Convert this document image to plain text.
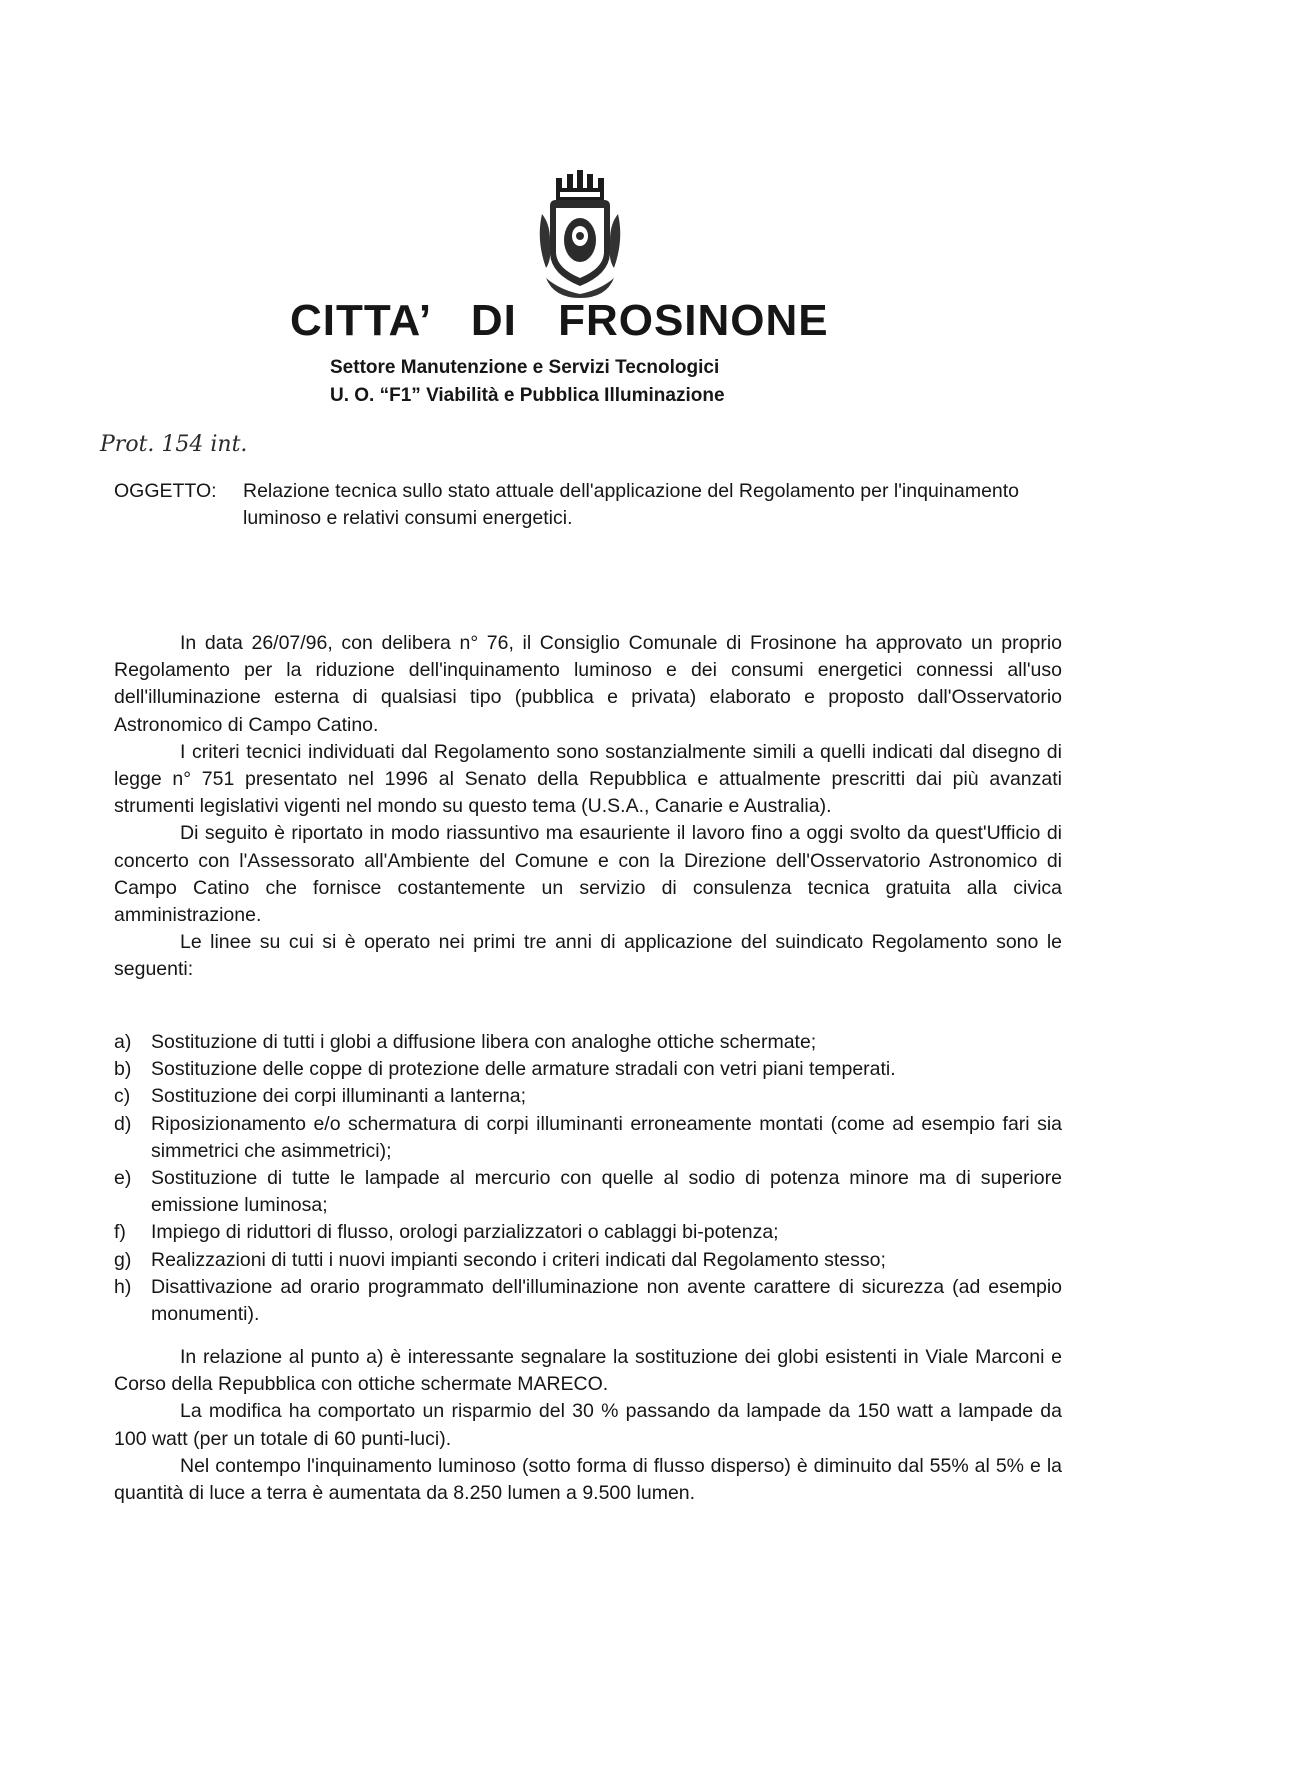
CITTA’ DI FROSINONE
Settore Manutenzione e Servizi Tecnologici
U. O. “F1” Viabilità e Pubblica Illuminazione
Prot. 154 int.
OGGETTO: Relazione tecnica sullo stato attuale dell'applicazione del Regolamento per l'inquinamento luminoso e relativi consumi energetici.

In data 26/07/96, con delibera n° 76, il Consiglio Comunale di Frosinone ha approvato un proprio Regolamento per la riduzione dell'inquinamento luminoso e dei consumi energetici connessi all'uso dell'illuminazione esterna di qualsiasi tipo (pubblica e privata) elaborato e proposto dall'Osservatorio Astronomico di Campo Catino.

I criteri tecnici individuati dal Regolamento sono sostanzialmente simili a quelli indicati dal disegno di legge n° 751 presentato nel 1996 al Senato della Repubblica e attualmente prescritti dai più avanzati strumenti legislativi vigenti nel mondo su questo tema (U.S.A., Canarie e Australia).

Di seguito è riportato in modo riassuntivo ma esauriente il lavoro fino a oggi svolto da quest'Ufficio di concerto con l'Assessorato all'Ambiente del Comune e con la Direzione dell'Osservatorio Astronomico di Campo Catino che fornisce costantemente un servizio di consulenza tecnica gratuita alla civica amministrazione.

Le linee su cui si è operato nei primi tre anni di applicazione del suindicato Regolamento sono le seguenti:

a) Sostituzione di tutti i globi a diffusione libera con analoghe ottiche schermate;
b) Sostituzione delle coppe di protezione delle armature stradali con vetri piani temperati.
c) Sostituzione dei corpi illuminanti a lanterna;
d) Riposizionamento e/o schermatura di corpi illuminanti erroneamente montati (come ad esempio fari sia simmetrici che asimmetrici);
e) Sostituzione di tutte le lampade al mercurio con quelle al sodio di potenza minore ma di superiore emissione luminosa;
f) Impiego di riduttori di flusso, orologi parzializzatori o cablaggi bi-potenza;
g) Realizzazioni di tutti i nuovi impianti secondo i criteri indicati dal Regolamento stesso;
h) Disattivazione ad orario programmato dell'illuminazione non avente carattere di sicurezza (ad esempio monumenti).

In relazione al punto a) è interessante segnalare la sostituzione dei globi esistenti in Viale Marconi e Corso della Repubblica con ottiche schermate MARECO.

La modifica ha comportato un risparmio del 30 % passando da lampade da 150 watt a lampade da 100 watt (per un totale di 60 punti-luci).

Nel contempo l'inquinamento luminoso (sotto forma di flusso disperso) è diminuito dal 55% al 5% e la quantità di luce a terra è aumentata da 8.250 lumen a 9.500 lumen.
